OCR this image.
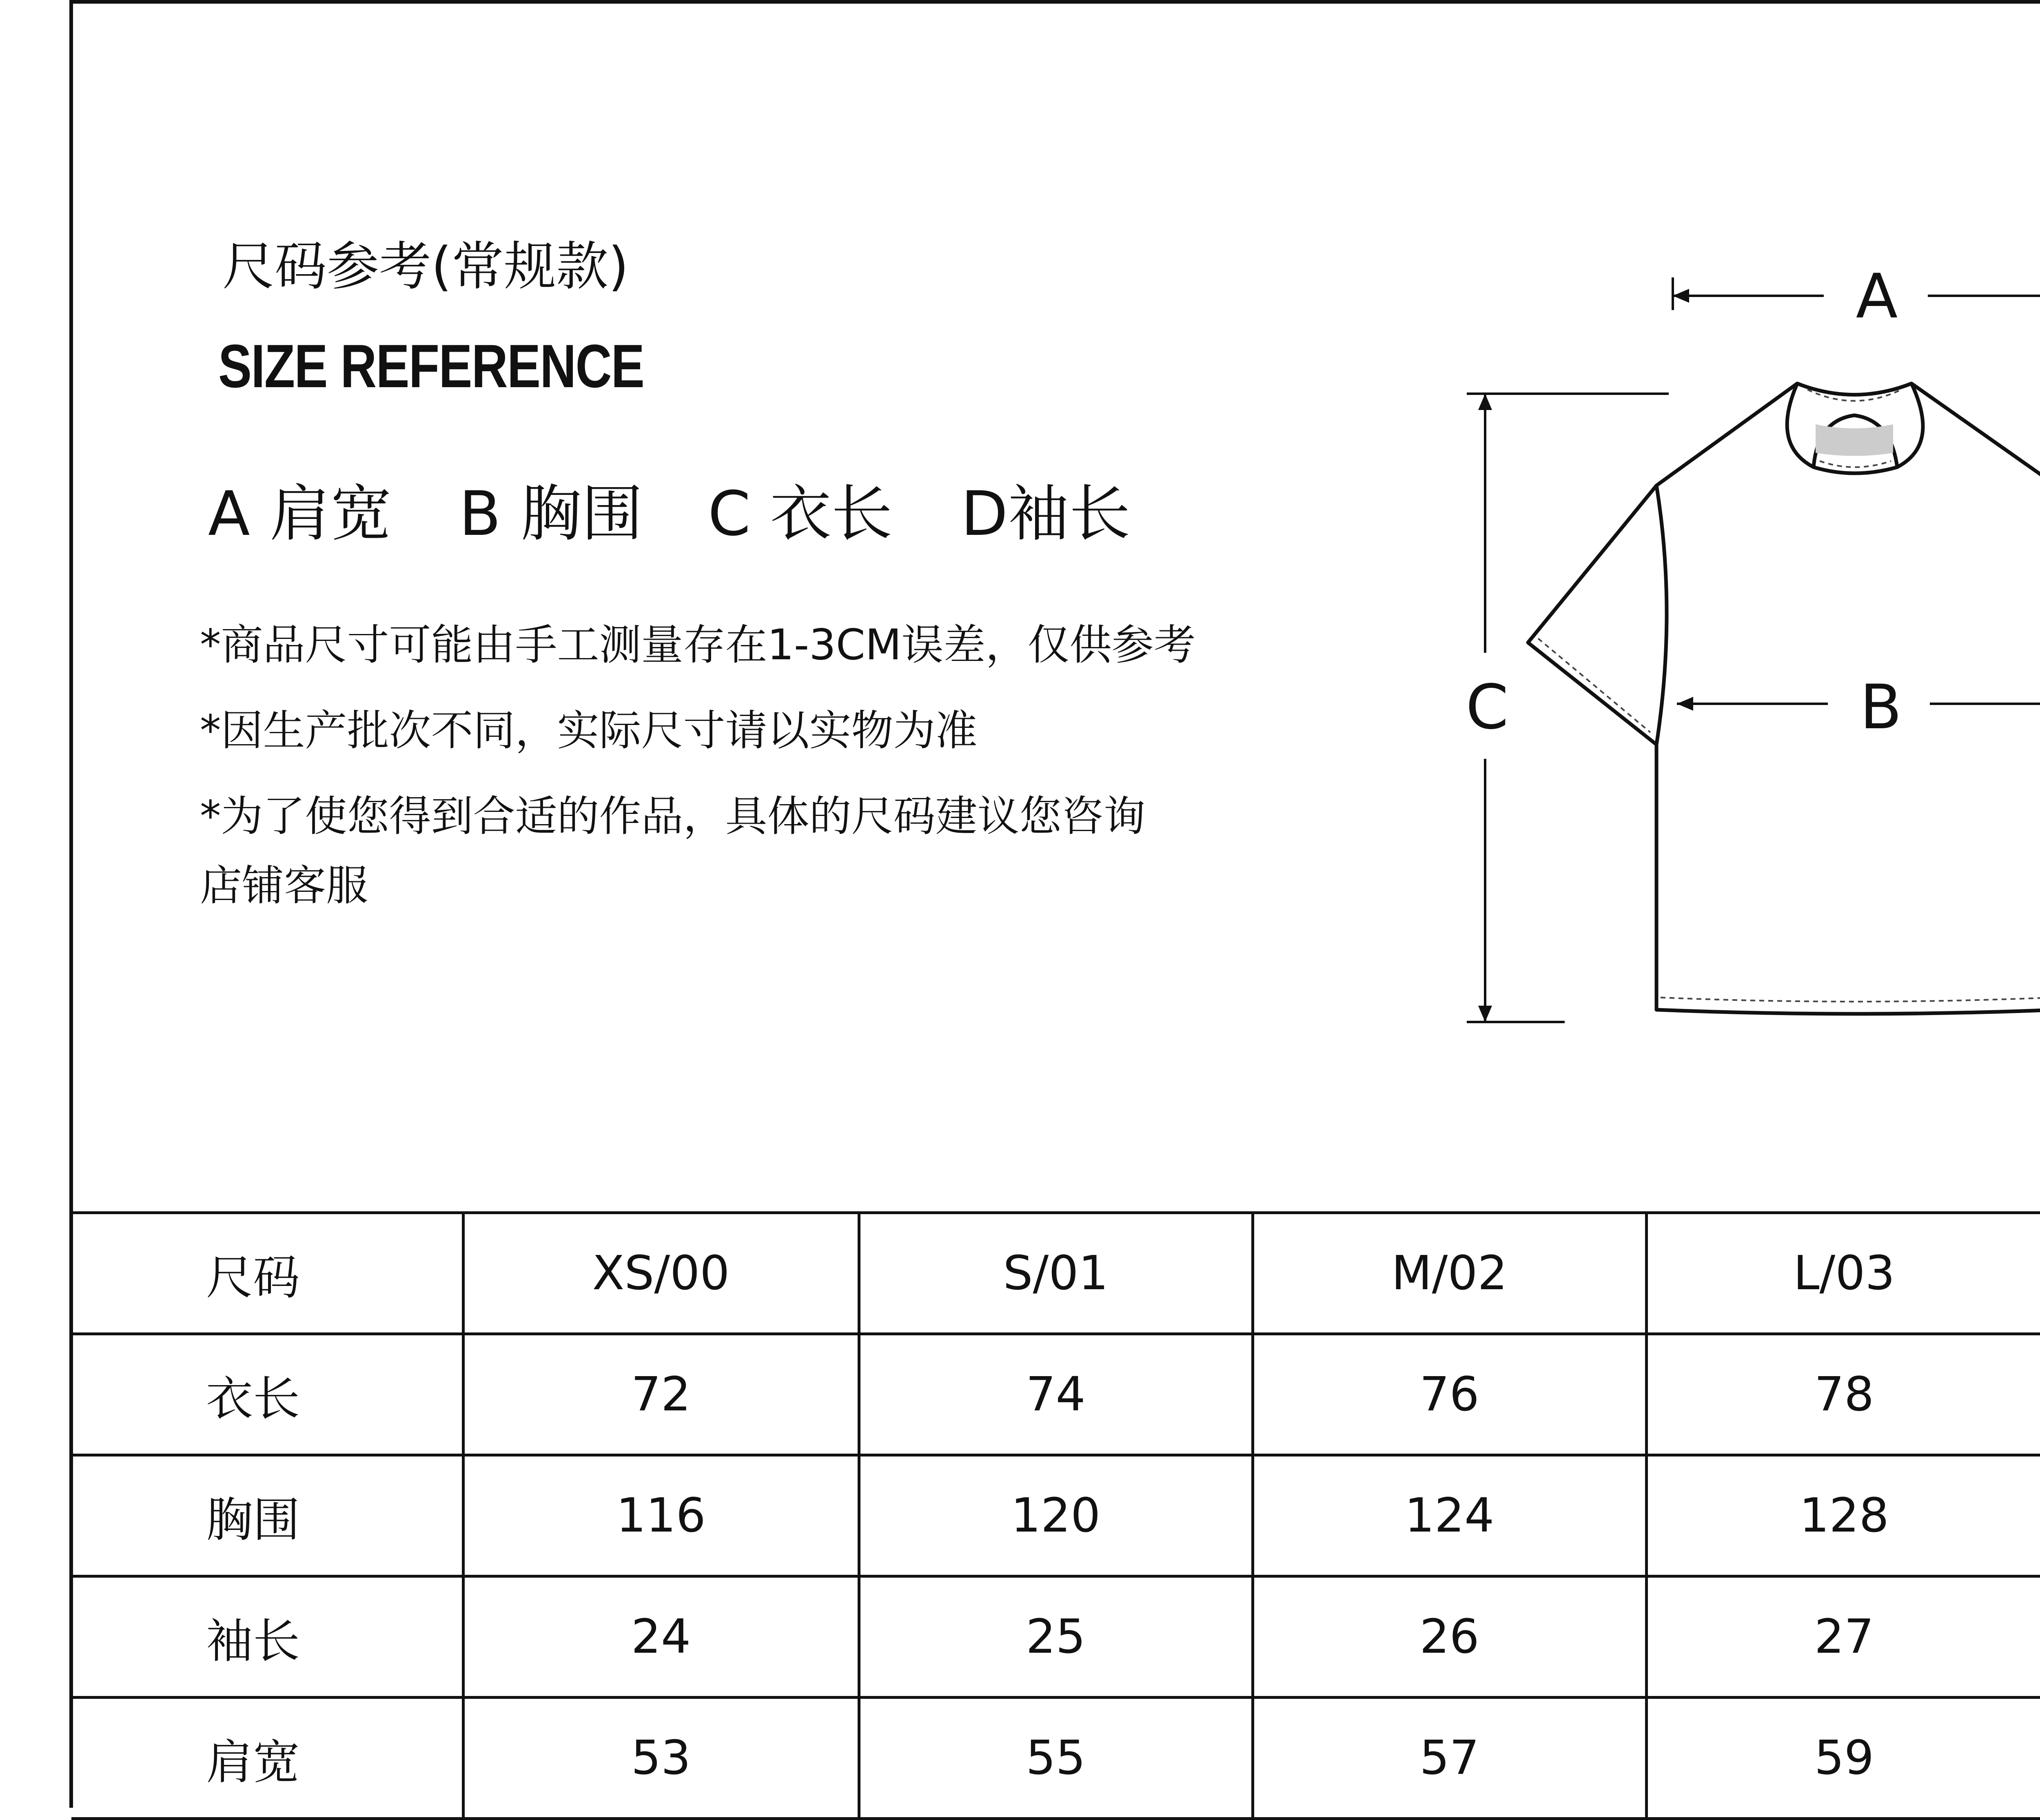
尺码参考(常规款)
SIZE REFERENCE
A 肩宽 B 胸围 C 衣长 D袖长
*商品尺寸可能由手工测量存在1-3CM误差，仅供参考
*因生产批次不同，实际尺寸请以实物为准
*为了使您得到合适的作品，具体的尺码建议您咨询
店铺客服
A
C	B
尺码	XS/00	S/01	M/02	L/03	
衣长	72	74	76	78	
胸围	116	120	124	128	
袖长	24	25	26	27	
肩宽	53	55	57	59	
